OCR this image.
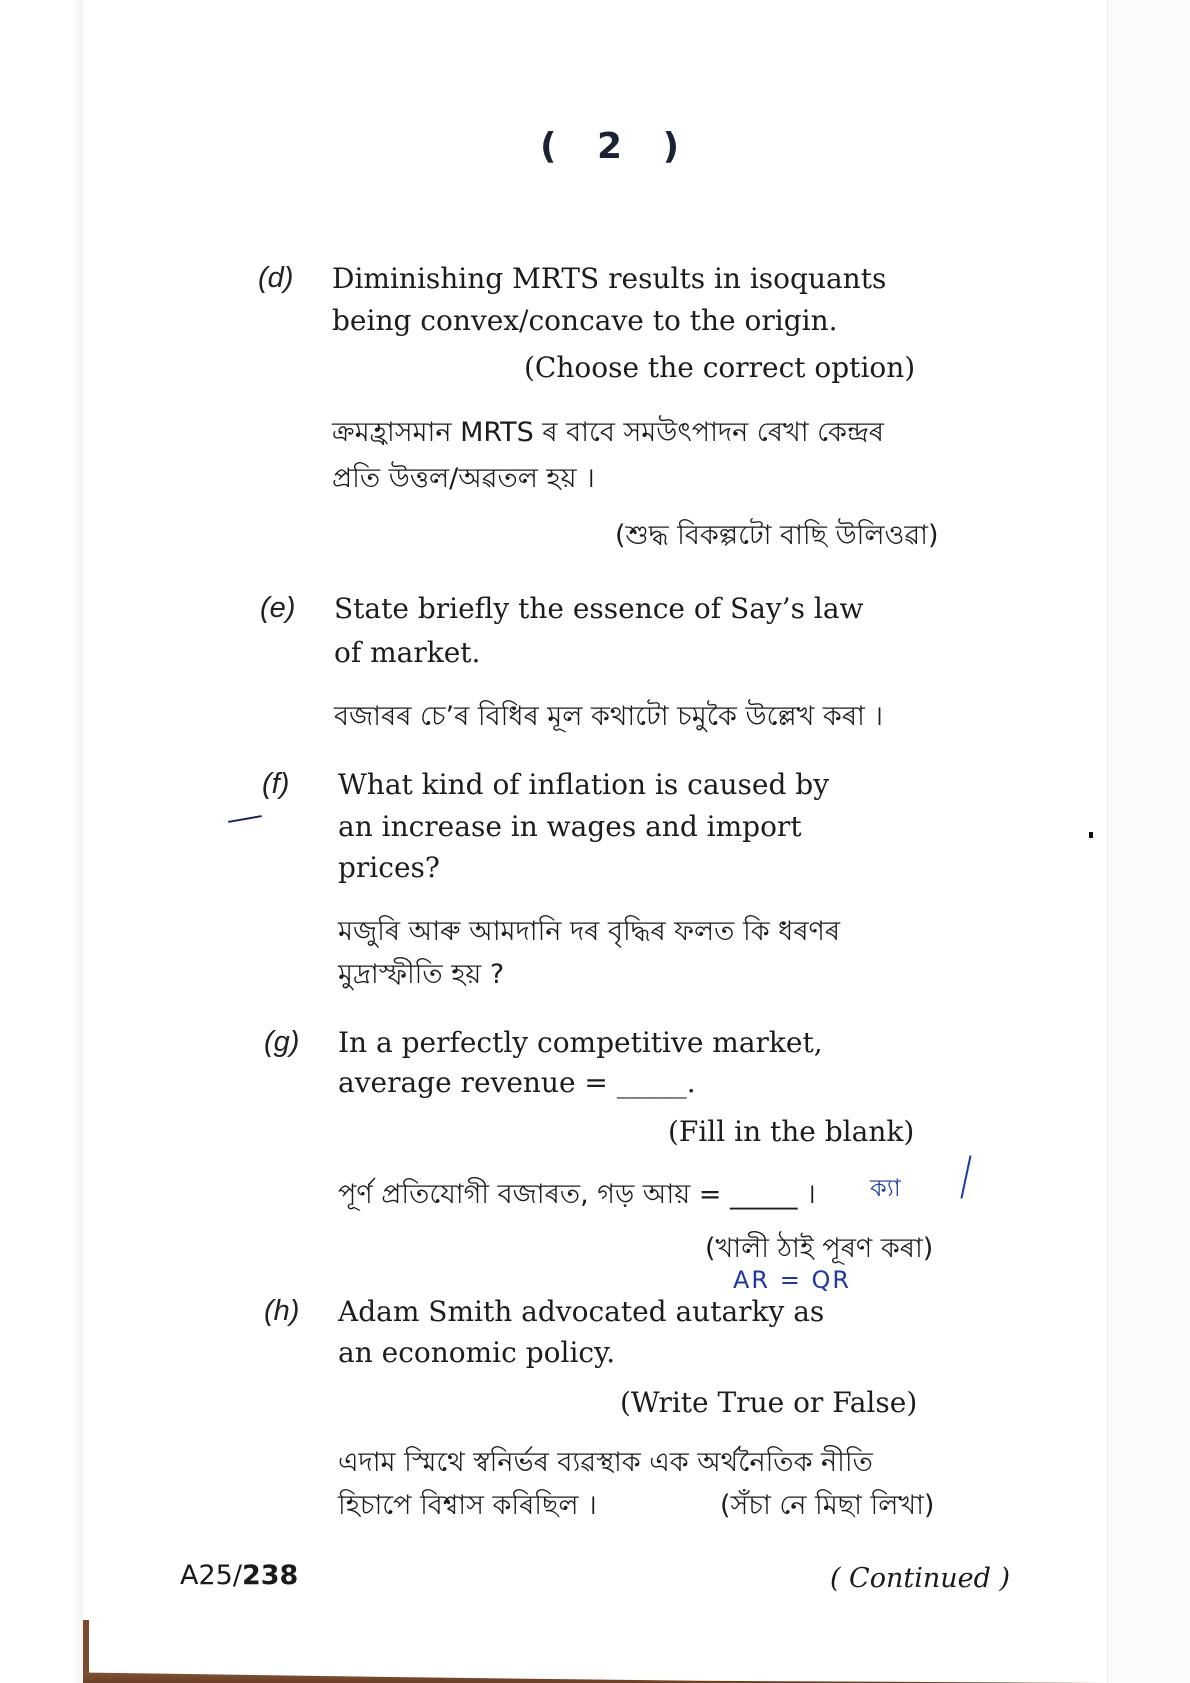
( 2 )
(d) Diminishing MRTS results in isoquants
being convex/concave to the origin.
(Choose the correct option)
ক্ৰমহ্ৰাসমান MRTS ৰ বাবে সমউৎপাদন ৰেখা কেন্দ্ৰৰ
প্ৰতি উত্তল/অৱতল হয় ।
(শুদ্ধ বিকল্পটো বাছি উলিওৱা)
(e) State briefly the essence of Say’s law
of market.
বজাৰৰ চে’ৰ বিধিৰ মূল কথাটো চমুকৈ উল্লেখ কৰা ।
(f) What kind of inflation is caused by
an increase in wages and import
prices?
মজুৰি আৰু আমদানি দৰ বৃদ্ধিৰ ফলত কি ধৰণৰ
মুদ্ৰাস্ফীতি হয় ?
(g) In a perfectly competitive market,
average revenue = _____.
(Fill in the blank)
পূৰ্ণ প্ৰতিযোগী বজাৰত, গড় আয় = _____ । ক্যা
(খালী ঠাই পূৰণ কৰা)
AR = QR
(h) Adam Smith advocated autarky as
an economic policy.
(Write True or False)
এদাম স্মিথে স্বনিৰ্ভৰ ব্যৱস্থাক এক অৰ্থনৈতিক নীতি
হিচাপে বিশ্বাস কৰিছিল ।	(সঁচা নে মিছা লিখা)
A25/238	( Continued )
